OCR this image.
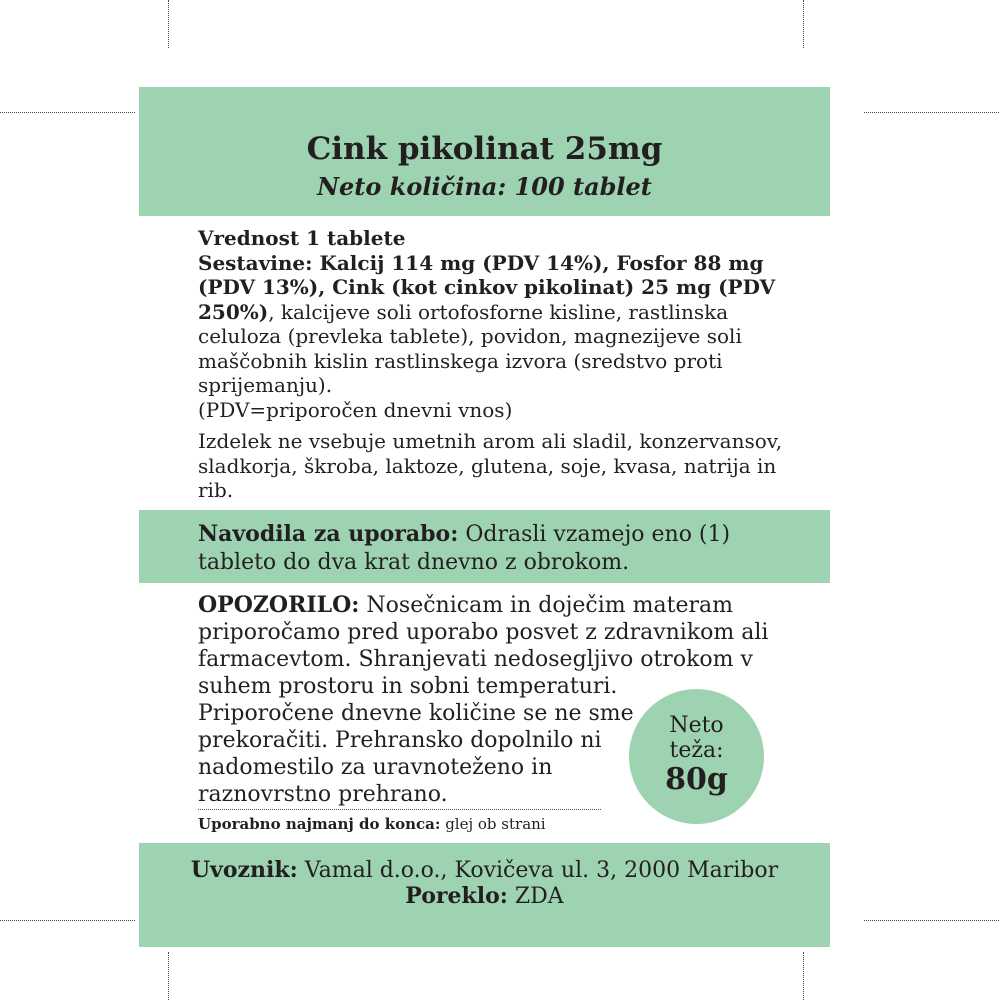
Cink pikolinat 25mg

Neto količina: 100 tablet

Vrednost 1 tablete
Sestavine: Kalcij 114 mg (PDV 14%), Fosfor 88 mg (PDV 13%), Cink (kot cinkov pikolinat) 25 mg (PDV 250%), kalcijeve soli ortofosforne kisline, rastlinska celuloza (prevleka tablete), povidon, magnezijeve soli maščobnih kislin rastlinskega izvora (sredstvo proti sprijemanju).
(PDV=priporočen dnevni vnos)

Izdelek ne vsebuje umetnih arom ali sladil, konzervansov, sladkorja, škroba, laktoze, glutena, soje, kvasa, natrija in rib.

Navodila za uporabo: Odrasli vzamejo eno (1) tableto do dva krat dnevno z obrokom.

OPOZORILO: Nosečnicam in doječim materam
priporočamo pred uporabo posvet z zdravnikom ali
farmacevtom. Shranjevati nedosegljivo otrokom v
suhem prostoru in sobni temperaturi.
Priporočene dnevne količine se ne sme
prekoračiti. Prehransko dopolnilo ni
nadomestilo za uravnoteženo in
raznovrstno prehrano.

Uporabno najmanj do konca: glej ob strani

Neto
teža:
80g

Uvoznik: Vamal d.o.o., Kovičeva ul. 3, 2000 Maribor

Poreklo: ZDA
